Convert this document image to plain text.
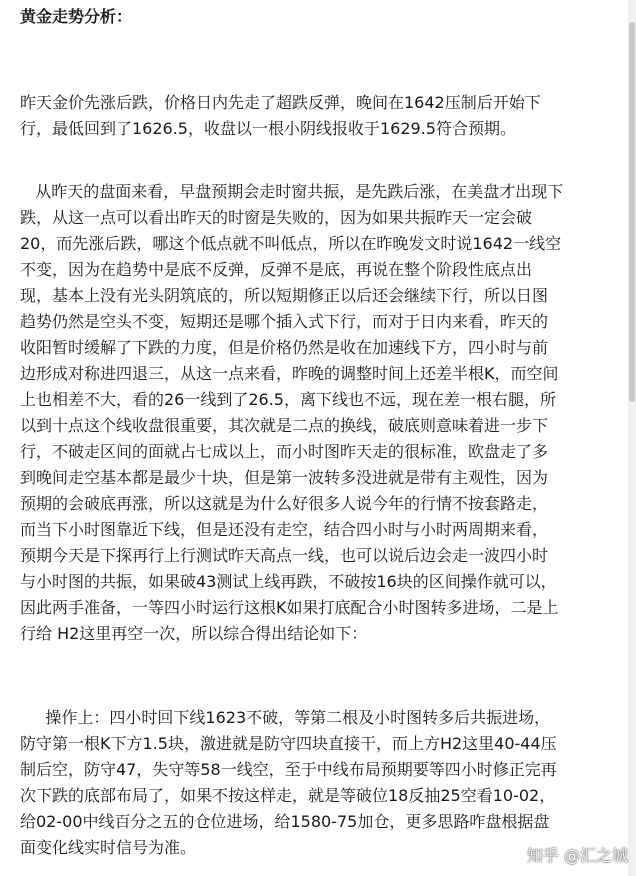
黄金走势分析：
昨天金价先涨后跌，价格日内先走了超跌反弹，晚间在1642压制后开始下
行，最低回到了1626.5，收盘以一根小阴线报收于1629.5符合预期。
从昨天的盘面来看，早盘预期会走时窗共振，是先跌后涨，在美盘才出现下
跌，从这一点可以看出昨天的时窗是失败的，因为如果共振昨天一定会破
20，而先涨后跌，哪这个低点就不叫低点，所以在昨晚发文时说1642一线空
不变，因为在趋势中是底不反弹，反弹不是底，再说在整个阶段性底点出
现，基本上没有光头阴筑底的，所以短期修正以后还会继续下行，所以日图
趋势仍然是空头不变，短期还是哪个插入式下行，而对于日内来看，昨天的
收阳暂时缓解了下跌的力度，但是价格仍然是收在加速线下方，四小时与前
边形成对称进四退三，从这一点来看，昨晚的调整时间上还差半根K，而空间
上也相差不大，看的26一线到了26.5，离下线也不远，现在差一根右腿，所
以到十点这个线收盘很重要，其次就是二点的换线，破底则意味着进一步下
行，不破走区间的面就占七成以上，而小时图昨天走的很标准，欧盘走了多
到晚间走空基本都是最少十块，但是第一波转多没进就是带有主观性，因为
预期的会破底再涨，所以这就是为什么好很多人说今年的行情不按套路走，
而当下小时图靠近下线，但是还没有走空，结合四小时与小时两周期来看，
预期今天是下探再行上行测试昨天高点一线，也可以说后边会走一波四小时
与小时图的共振，如果破43测试上线再跌，不破按16块的区间操作就可以，
因此两手准备，一等四小时运行这根K如果打底配合小时图转多进场，二是上
行给 H2这里再空一次，所以综合得出结论如下：
操作上：四小时回下线1623不破，等第二根及小时图转多后共振进场，
防守第一根K下方1.5块，激进就是防守四块直接干，而上方H2这里40-44压
制后空，防守47，失守等58一线空，至于中线布局预期要等四小时修正完再
次下跌的底部布局了，如果不按这样走，就是等破位18反抽25空看10-02，
给02-00中线百分之五的仓位进场，给1580-75加仓，更多思路咋盘根据盘
面变化线实时信号为准。	知乎 @汇之城
